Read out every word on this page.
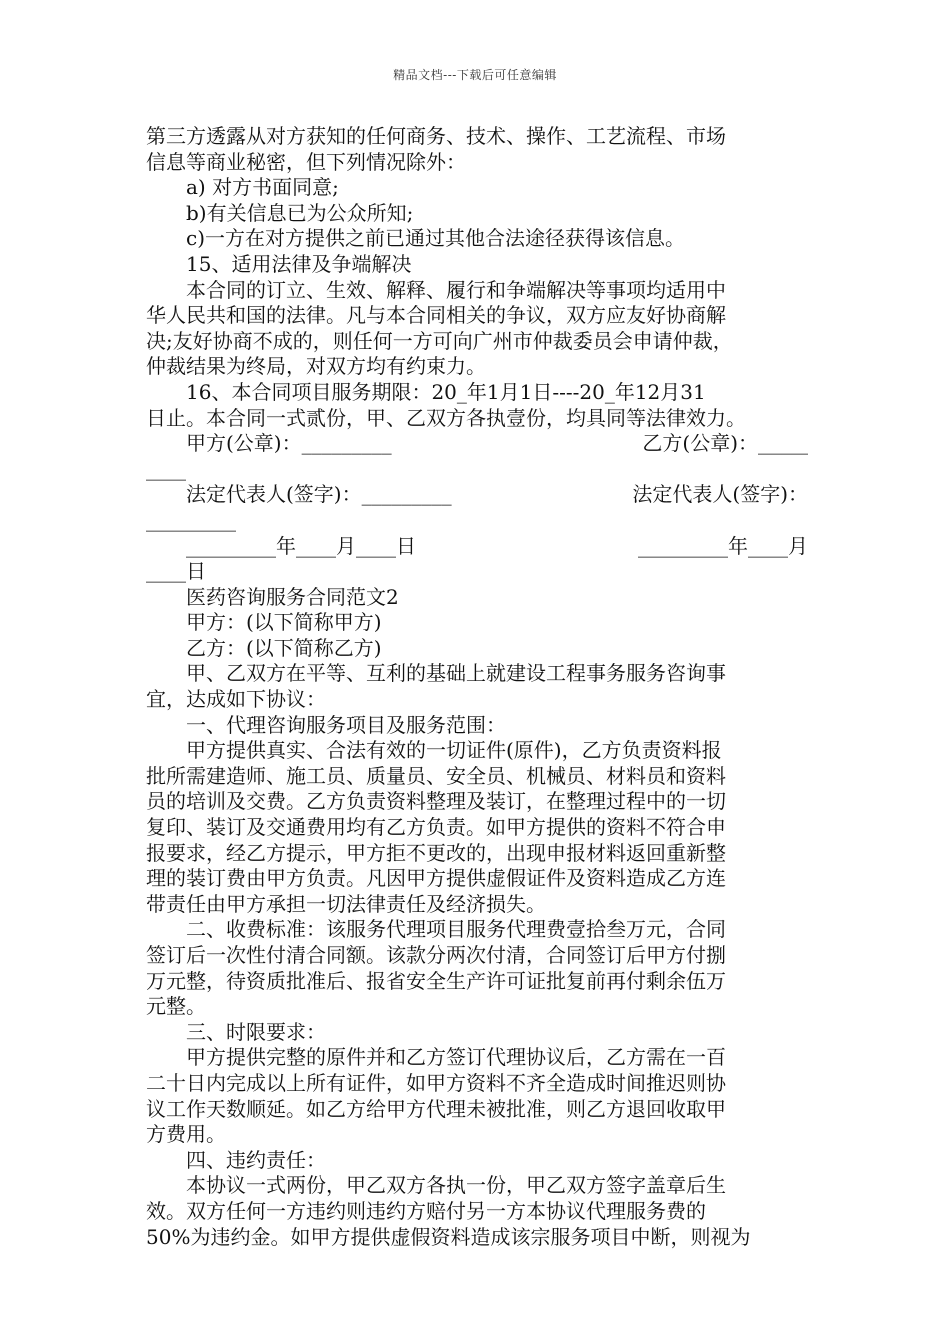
精品文档---下载后可任意编辑

第三方透露从对方获知的任何商务、技术、操作、工艺流程、市场

信息等商业秘密，但下列情况除外：

　　a) 对方书面同意;

　　b)有关信息已为公众所知;

　　c)一方在对方提供之前已通过其他合法途径获得该信息。

　　15、适用法律及争端解决

　　本合同的订立、生效、解释、履行和争端解决等事项均适用中

华人民共和国的法律。凡与本合同相关的争议，双方应友好协商解

决;友好协商不成的，则任何一方可向广州市仲裁委员会申请仲裁，

仲裁结果为终局，对双方均有约束力。

　　16、本合同项目服务期限：20_年1月1日----20_年12月31

日止。本合同一式贰份，甲、乙双方各执壹份，均具同等法律效力。

　　甲方(公章)：_________	乙方(公章)：_____

____

　　法定代表人(签字)：_________	法定代表人(签字)：

_________

　　_________年____月____日	_________年____月

____日

　　医药咨询服务合同范文2

　　甲方：(以下简称甲方)

　　乙方：(以下简称乙方)

　　甲、乙双方在平等、互利的基础上就建设工程事务服务咨询事

宜，达成如下协议：

　　一、代理咨询服务项目及服务范围：

　　甲方提供真实、合法有效的一切证件(原件)，乙方负责资料报

批所需建造师、施工员、质量员、安全员、机械员、材料员和资料

员的培训及交费。乙方负责资料整理及装订，在整理过程中的一切

复印、装订及交通费用均有乙方负责。如甲方提供的资料不符合申

报要求，经乙方提示，甲方拒不更改的，出现申报材料返回重新整

理的装订费由甲方负责。凡因甲方提供虚假证件及资料造成乙方连

带责任由甲方承担一切法律责任及经济损失。

　　二、收费标准：该服务代理项目服务代理费壹拾叁万元，合同

签订后一次性付清合同额。该款分两次付清，合同签订后甲方付捌

万元整，待资质批准后、报省安全生产许可证批复前再付剩余伍万

元整。

　　三、时限要求：

　　甲方提供完整的原件并和乙方签订代理协议后，乙方需在一百

二十日内完成以上所有证件，如甲方资料不齐全造成时间推迟则协

议工作天数顺延。如乙方给甲方代理未被批准，则乙方退回收取甲

方费用。

　　四、违约责任：

　　本协议一式两份，甲乙双方各执一份，甲乙双方签字盖章后生

效。双方任何一方违约则违约方赔付另一方本协议代理服务费的

50%为违约金。如甲方提供虚假资料造成该宗服务项目中断，则视为
